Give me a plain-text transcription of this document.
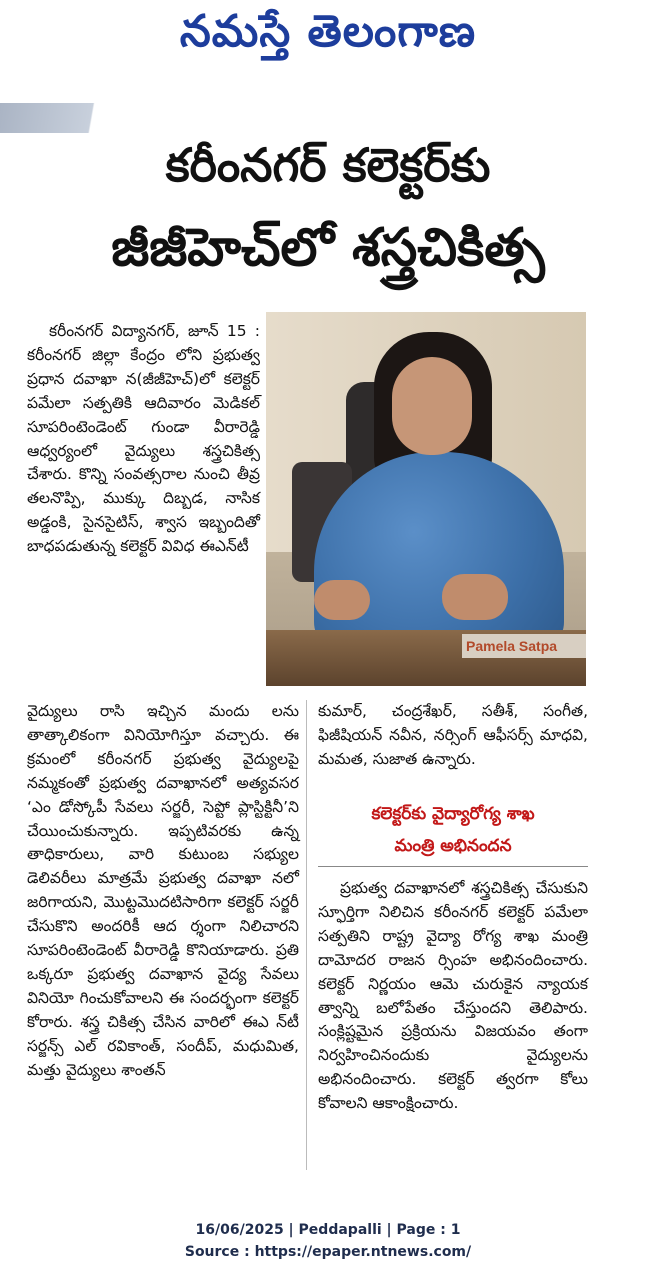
నమస్తే తెలంగాణ
కరీంనగర్ కలెక్టర్‌కు
జీజీహెచ్‌లో శస్త్రచికిత్స
Pamela Satpa

కరీంనగర్ విద్యానగర్, జూన్ 15 : కరీంనగర్ జిల్లా కేంద్రం లోని ప్రభుత్వ ప్రధాన దవాఖా న(జీజీహెచ్)లో కలెక్టర్ పమేలా సత్పతికి ఆదివారం మెడికల్ సూపరింటెండెంట్ గుండా వీరారెడ్డి ఆధ్వర్యంలో వైద్యులు శస్త్రచికిత్స చేశారు. కొన్ని సంవత్సరాల నుంచి తీవ్ర తలనొప్పి, ముక్కు దిబ్బడ, నాసిక అడ్డంకి, సైనసైటిస్, శ్వాస ఇబ్బందితో బాధపడుతున్న కలెక్టర్ వివిధ ఈఎన్‌టీ

వైద్యులు రాసి ఇచ్చిన మందు లను తాత్కాలికంగా వినియోగిస్తూ వచ్చారు. ఈ క్రమంలో కరీంనగర్ ప్రభుత్వ వైద్యులపై నమ్మకంతో ప్రభుత్వ దవాఖానలో అత్యవసర ‘ఎం డోస్కోపీ సేవలు సర్జరీ, సెప్టో ప్లాస్టిక్టినీ’ని చేయించుకున్నారు. ఇప్పటివరకు ఉన్న తాధికారులు, వారి కుటుంబ సభ్యుల డెలివరీలు మాత్రమే ప్రభుత్వ దవాఖా నలో జరిగాయని, మొట్టమొదటిసారిగా కలెక్టర్ సర్జరీ చేసుకొని అందరికీ ఆద ర్శంగా నిలిచారని సూపరింటెండెంట్ వీరారెడ్డి కొనియాడారు. ప్రతి ఒక్కరూ ప్రభుత్వ దవాఖాన వైద్య సేవలు వినియో గించుకోవాలని ఈ సందర్భంగా కలెక్టర్ కోరారు. శస్త్ర చికిత్స చేసిన వారిలో ఈఎ న్‌టీ సర్జన్స్ ఎల్ రవికాంత్, సందీప్, మధుమిత, మత్తు వైద్యులు శాంతన్

కుమార్, చంద్రశేఖర్, సతీశ్, సంగీత, ఫిజీషియన్ నవీన, నర్సింగ్ ఆఫీసర్స్ మాధవి, మమత, సుజాత ఉన్నారు.

కలెక్టర్‌కు వైద్యారోగ్య శాఖ
మంత్రి అభినందన

ప్రభుత్వ దవాఖానలో శస్త్రచికిత్స చేసుకుని స్ఫూర్తిగా నిలిచిన కరీంనగర్ కలెక్టర్ పమేలా సత్పతిని రాష్ట్ర వైద్యా రోగ్య శాఖ మంత్రి దామోదర రాజన ర్సింహ అభినందించారు. కలెక్టర్ నిర్ణయం ఆమె చురుకైన న్యాయక త్వాన్ని బలోపేతం చేస్తుందని తెలిపారు. సంక్లిష్టమైన ప్రక్రియను విజయవం తంగా నిర్వహించినందుకు వైద్యులను అభినందించారు. కలెక్టర్ త్వరగా కోలు కోవాలని ఆకాంక్షించారు.

16/06/2025 | Peddapalli | Page : 1
Source : https://epaper.ntnews.com/
